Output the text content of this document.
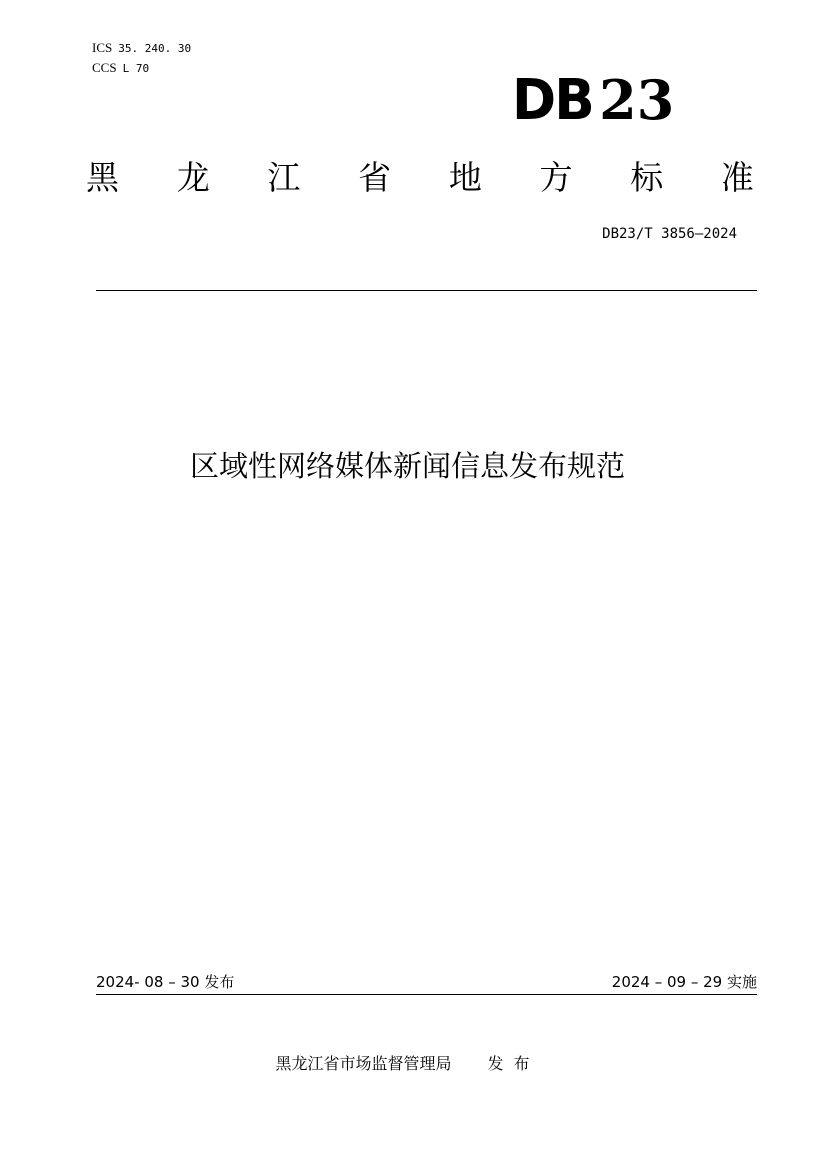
ICS 35. 240. 30
CCS L 70	DB 23
黑 龙 江 省 地 方 标 准
DB23/T 3856—2024
区域性网络媒体新闻信息发布规范
2024- 08 – 30 发布	2024 – 09 – 29 实施
黑龙江省市场监督管理局 发布
